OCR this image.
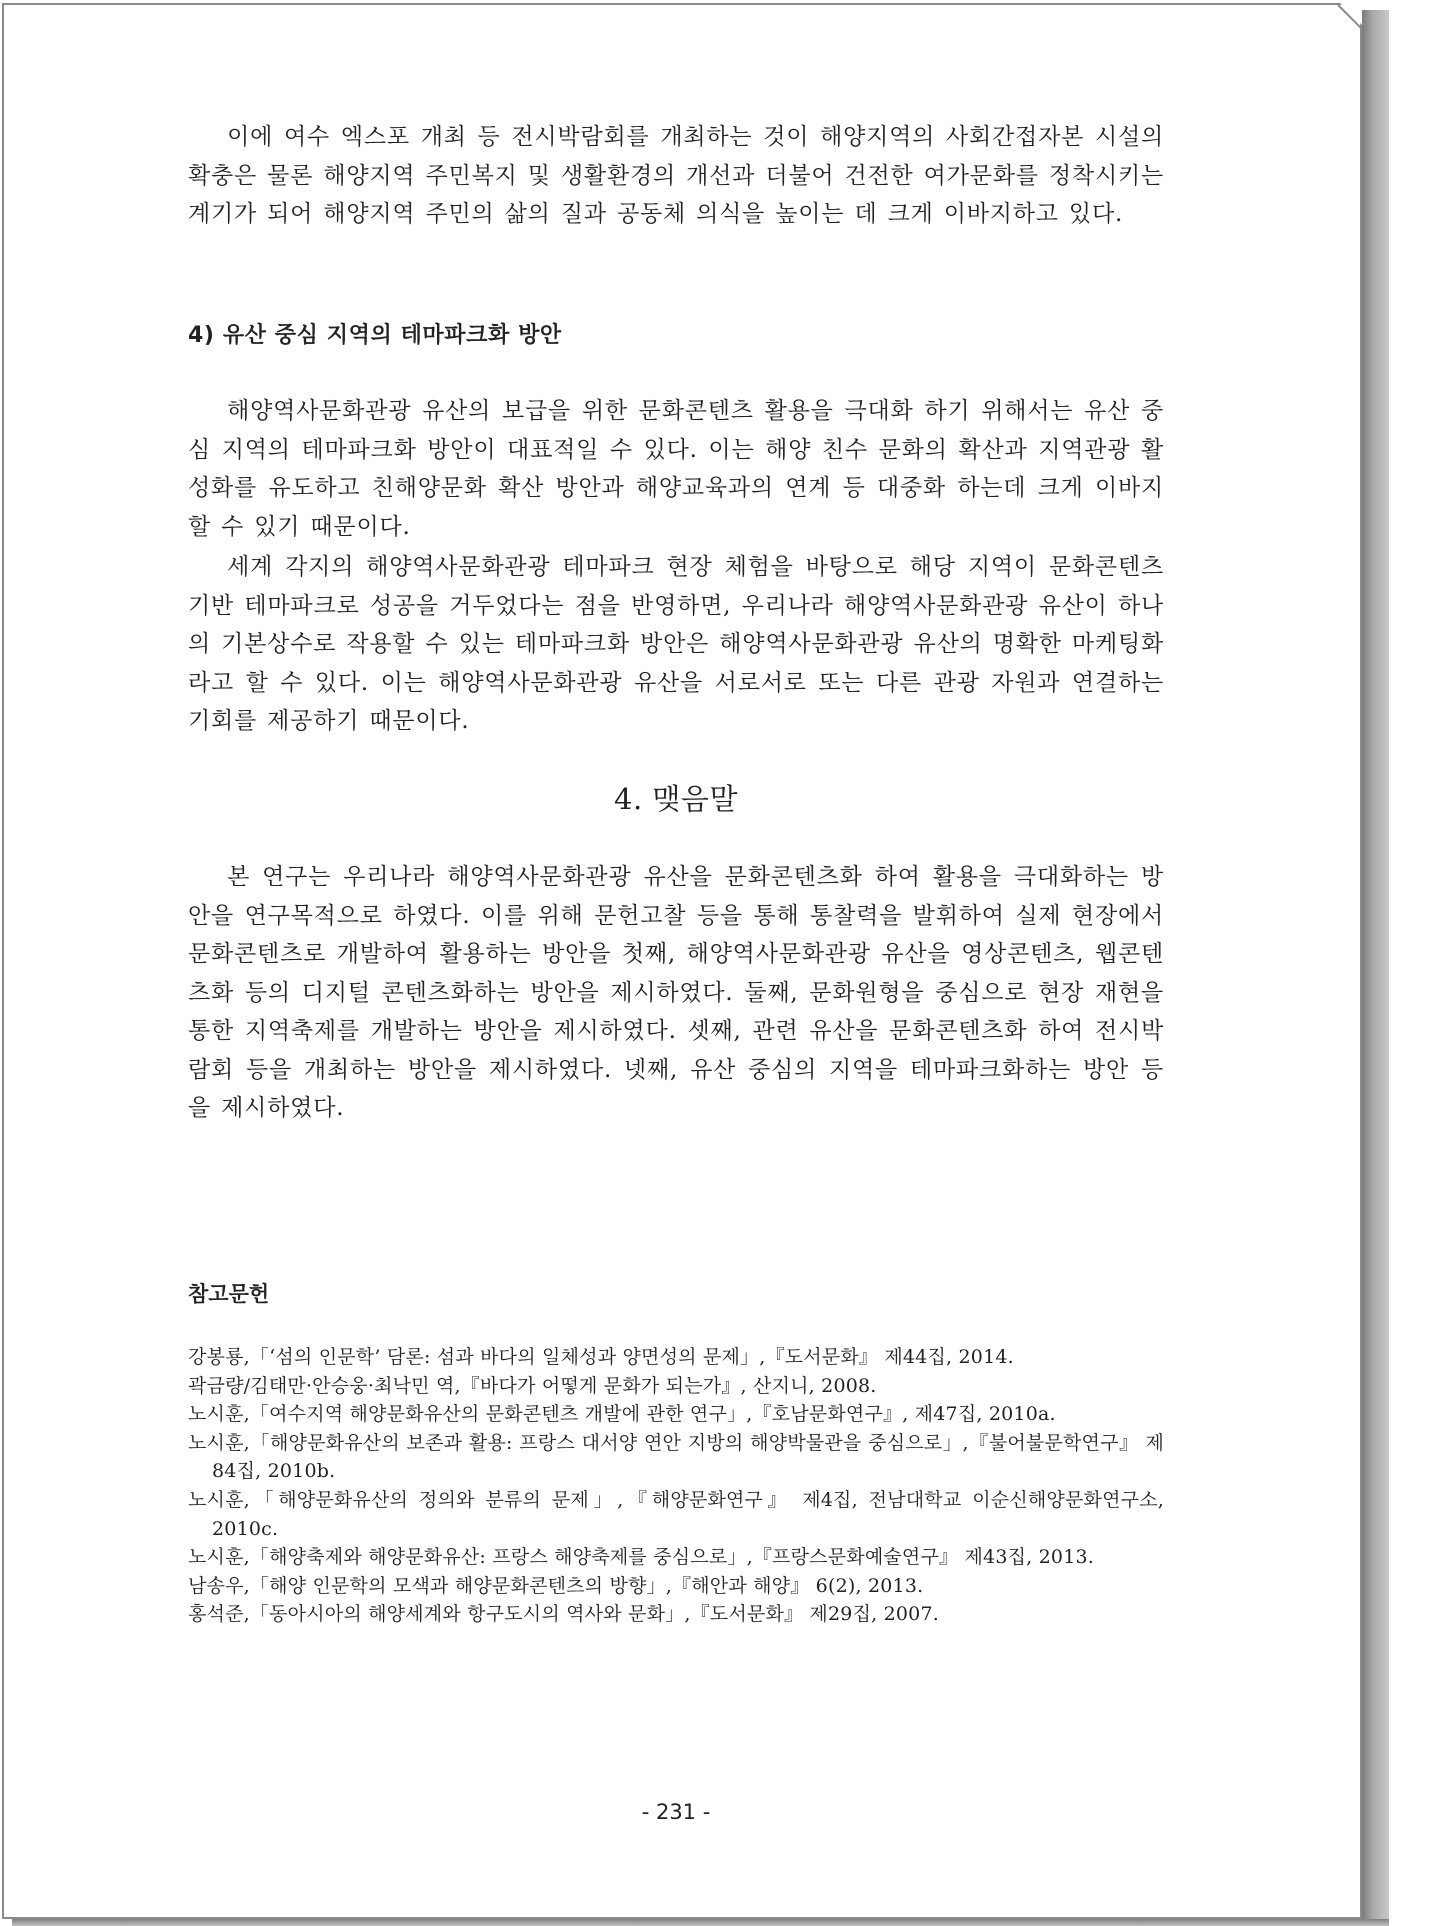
이에 여수 엑스포 개최 등 전시박람회를 개최하는 것이 해양지역의 사회간접자본 시설의 확충은 물론 해양지역 주민복지 및 생활환경의 개선과 더불어 건전한 여가문화를 정착시키는 계기가 되어 해양지역 주민의 삶의 질과 공동체 의식을 높이는 데 크게 이바지하고 있다.

4) 유산 중심 지역의 테마파크화 방안

해양역사문화관광 유산의 보급을 위한 문화콘텐츠 활용을 극대화 하기 위해서는 유산 중심 지역의 테마파크화 방안이 대표적일 수 있다. 이는 해양 친수 문화의 확산과 지역관광 활성화를 유도하고 친해양문화 확산 방안과 해양교육과의 연계 등 대중화 하는데 크게 이바지할 수 있기 때문이다.

세계 각지의 해양역사문화관광 테마파크 현장 체험을 바탕으로 해당 지역이 문화콘텐츠 기반 테마파크로 성공을 거두었다는 점을 반영하면, 우리나라 해양역사문화관광 유산이 하나의 기본상수로 작용할 수 있는 테마파크화 방안은 해양역사문화관광 유산의 명확한 마케팅화라고 할 수 있다. 이는 해양역사문화관광 유산을 서로서로 또는 다른 관광 자원과 연결하는 기회를 제공하기 때문이다.

4. 맺음말

본 연구는 우리나라 해양역사문화관광 유산을 문화콘텐츠화 하여 활용을 극대화하는 방안을 연구목적으로 하였다. 이를 위해 문헌고찰 등을 통해 통찰력을 발휘하여 실제 현장에서 문화콘텐츠로 개발하여 활용하는 방안을 첫째, 해양역사문화관광 유산을 영상콘텐츠, 웹콘텐츠화 등의 디지털 콘텐츠화하는 방안을 제시하였다. 둘째, 문화원형을 중심으로 현장 재현을 통한 지역축제를 개발하는 방안을 제시하였다. 셋째, 관련 유산을 문화콘텐츠화 하여 전시박람회 등을 개최하는 방안을 제시하였다. 넷째, 유산 중심의 지역을 테마파크화하는 방안 등을 제시하였다.

참고문헌
강봉룡,「‘섬의 인문학’ 담론: 섬과 바다의 일체성과 양면성의 문제」,『도서문화』 제44집, 2014.
곽금량/김태만·안승웅·최낙민 역,『바다가 어떻게 문화가 되는가』, 산지니, 2008.
노시훈,「여수지역 해양문화유산의 문화콘텐츠 개발에 관한 연구」,『호남문화연구』, 제47집, 2010a.
노시훈,「해양문화유산의 보존과 활용: 프랑스 대서양 연안 지방의 해양박물관을 중심으로」,『불어불문학연구』 제84집, 2010b.
노시훈,「해양문화유산의 정의와 분류의 문제」,『해양문화연구』 제4집, 전남대학교 이순신해양문화연구소, 2010c.
노시훈,「해양축제와 해양문화유산: 프랑스 해양축제를 중심으로」,『프랑스문화예술연구』 제43집, 2013.
남송우,「해양 인문학의 모색과 해양문화콘텐츠의 방향」,『해안과 해양』 6(2), 2013.
홍석준,「동아시아의 해양세계와 항구도시의 역사와 문화」,『도서문화』 제29집, 2007.

- 231 -
